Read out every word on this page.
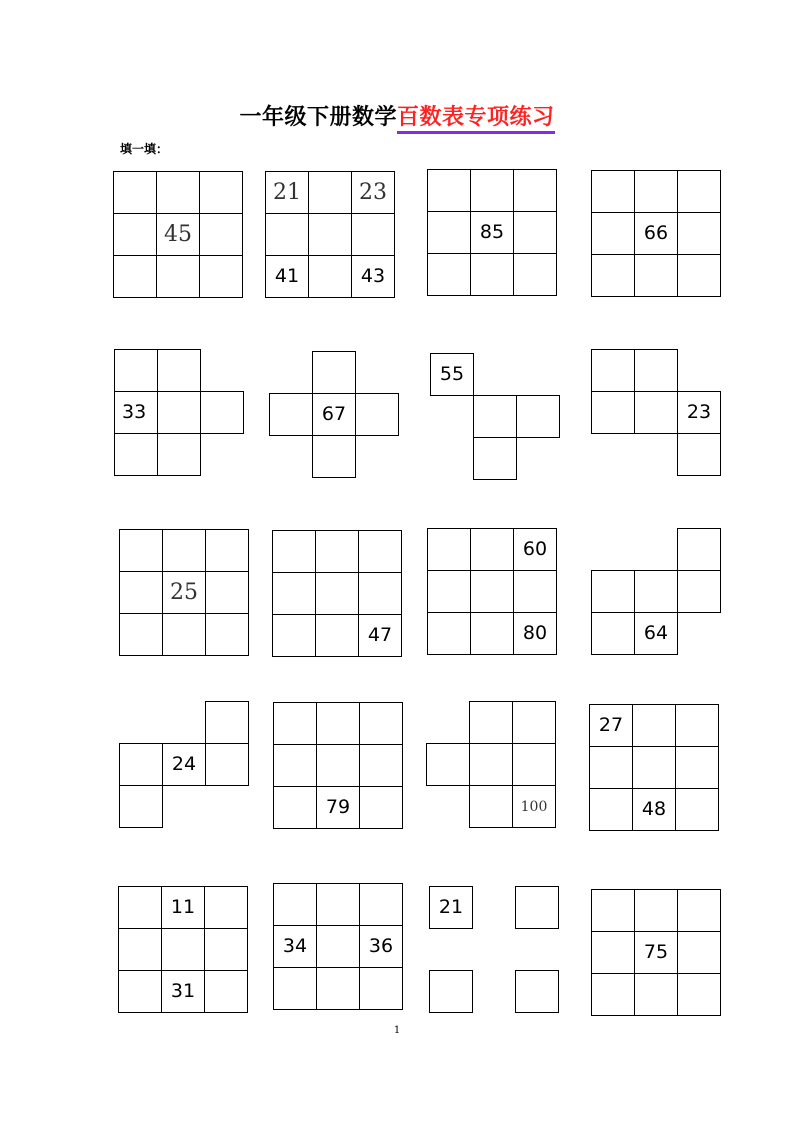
一年级下册数学百数表专项练习
填一填：
45
21	23
41	43
85	66
33	67
55
23
25
47
60
80	64
24
79	100
27
48
11
31
34	36
21
75
1
